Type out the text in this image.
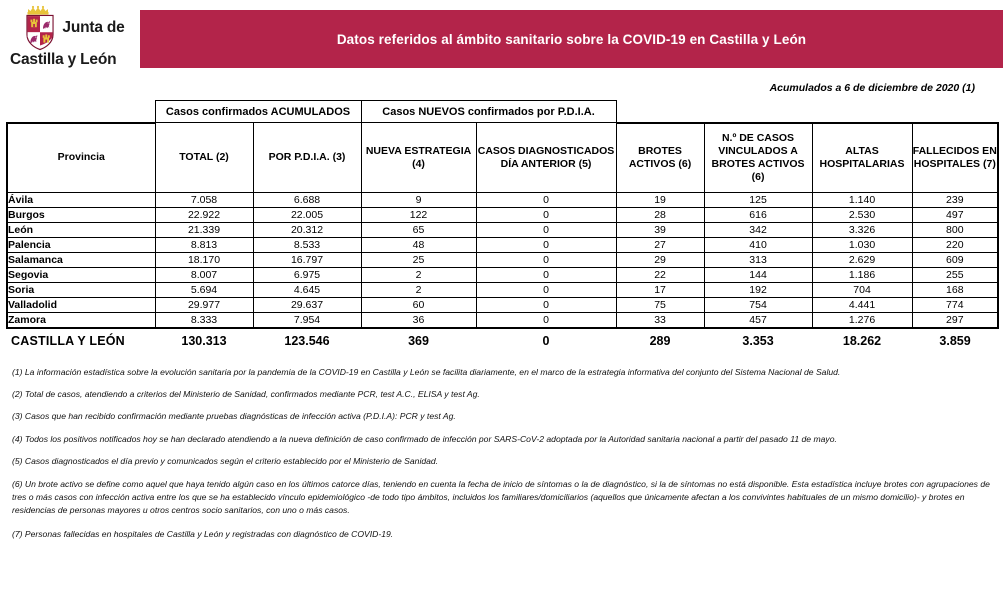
Junta de
Castilla y León
Datos referidos al ámbito sanitario sobre la COVID-19 en Castilla y León
Acumulados a 6 de diciembre de 2020 (1)
	Casos confirmados ACUMULADOS		Casos NUEVOS confirmados por P.D.I.A.					
Provincia	TOTAL (2)	POR P.D.I.A. (3)	NUEVA ESTRATEGIA (4)	CASOS DIAGNOSTICADOS DÍA ANTERIOR (5)	BROTES ACTIVOS (6)	N.º DE CASOS VINCULADOS A BROTES ACTIVOS (6)	ALTAS HOSPITALARIAS	FALLECIDOS EN HOSPITALES (7)
Ávila	7.058	6.688	9	0	19	125	1.140	239
Burgos	22.922	22.005	122	0	28	616	2.530	497
León	21.339	20.312	65	0	39	342	3.326	800
Palencia	8.813	8.533	48	0	27	410	1.030	220
Salamanca	18.170	16.797	25	0	29	313	2.629	609
Segovia	8.007	6.975	2	0	22	144	1.186	255
Soria	5.694	4.645	2	0	17	192	704	168
Valladolid	29.977	29.637	60	0	75	754	4.441	774
Zamora	8.333	7.954	36	0	33	457	1.276	297
CASTILLA Y LEÓN	130.313	123.546	369	0	289	3.353	18.262	3.859
(1) La información estadística sobre la evolución sanitaria por la pandemia de la COVID-19 en Castilla y León se facilita diariamente, en el marco de la estrategia informativa del conjunto del Sistema Nacional de Salud.
(2) Total de casos, atendiendo a criterios del Ministerio de Sanidad, confirmados mediante PCR, test A.C., ELISA y test Ag.
(3) Casos que han recibido confirmación mediante pruebas diagnósticas de infección activa (P.D.I.A): PCR y test Ag.
(4) Todos los positivos notificados hoy se han declarado atendiendo a la nueva definición de caso confirmado de infección por SARS-CoV-2 adoptada por la Autoridad sanitaria nacional a partir del pasado 11 de mayo.
(5) Casos diagnosticados el día previo y comunicados según el criterio establecido por el Ministerio de Sanidad.
(6) Un brote activo se define como aquel que haya tenido algún caso en los últimos catorce días, teniendo en cuenta la fecha de inicio de síntomas o la de diagnóstico, si la de síntomas no está disponible. Esta estadística incluye brotes con agrupaciones de tres o más casos con infección activa entre los que se ha establecido vínculo epidemiológico -de todo tipo ámbitos, incluidos los familiares/domiciliarios (aquellos que únicamente afectan a los convivintes habituales de un mismo domicilio)- y brotes en residencias de personas mayores u otros centros socio sanitarios, con uno o más casos.
(7) Personas fallecidas en hospitales de Castilla y León y registradas con diagnóstico de COVID-19.
